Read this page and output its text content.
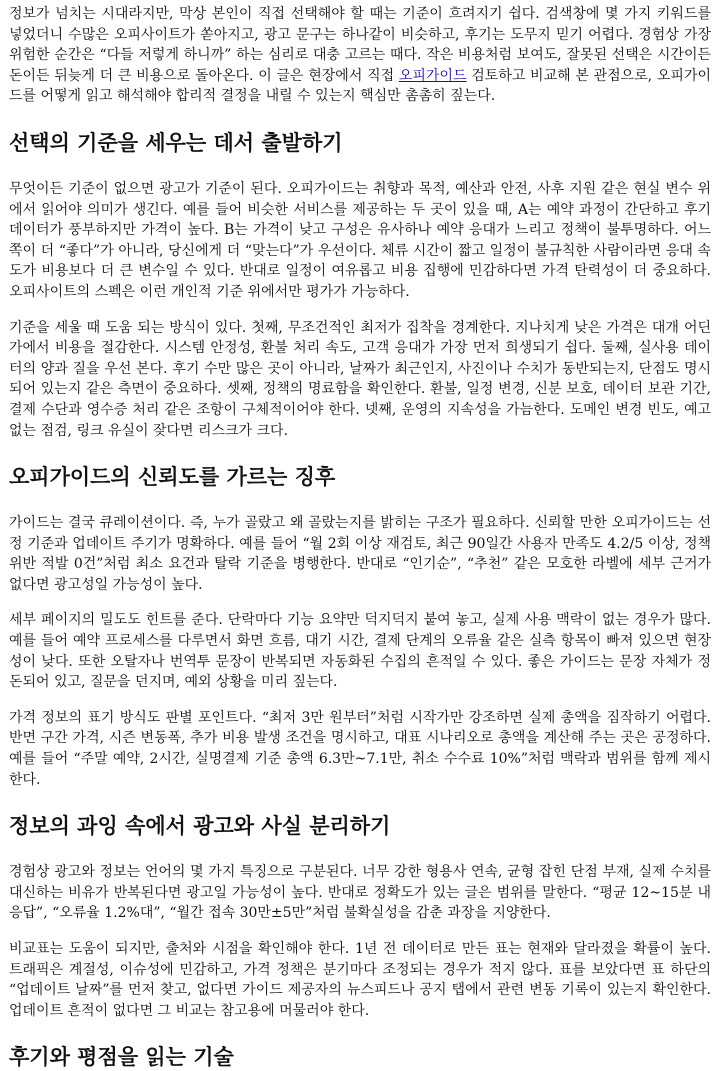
정보가 넘치는 시대라지만, 막상 본인이 직접 선택해야 할 때는 기준이 흐려지기 쉽다. 검색창에 몇 가지 키워드를 넣었더니 수많은 오피사이트가 쏟아지고, 광고 문구는 하나같이 비슷하고, 후기는 도무지 믿기 어렵다. 경험상 가장 위험한 순간은 “다들 저렇게 하니까” 하는 심리로 대충 고르는 때다. 작은 비용처럼 보여도, 잘못된 선택은 시간이든 돈이든 뒤늦게 더 큰 비용으로 돌아온다. 이 글은 현장에서 직접 오피가이드 검토하고 비교해 본 관점으로, 오피가이드를 어떻게 읽고 해석해야 합리적 결정을 내릴 수 있는지 핵심만 촘촘히 짚는다.

선택의 기준을 세우는 데서 출발하기

무엇이든 기준이 없으면 광고가 기준이 된다. 오피가이드는 취향과 목적, 예산과 안전, 사후 지원 같은 현실 변수 위에서 읽어야 의미가 생긴다. 예를 들어 비슷한 서비스를 제공하는 두 곳이 있을 때, A는 예약 과정이 간단하고 후기 데이터가 풍부하지만 가격이 높다. B는 가격이 낮고 구성은 유사하나 예약 응대가 느리고 정책이 불투명하다. 어느 쪽이 더 “좋다”가 아니라, 당신에게 더 “맞는다”가 우선이다. 체류 시간이 짧고 일정이 불규칙한 사람이라면 응대 속도가 비용보다 더 큰 변수일 수 있다. 반대로 일정이 여유롭고 비용 집행에 민감하다면 가격 탄력성이 더 중요하다. 오피사이트의 스펙은 이런 개인적 기준 위에서만 평가가 가능하다.

기준을 세울 때 도움 되는 방식이 있다. 첫째, 무조건적인 최저가 집착을 경계한다. 지나치게 낮은 가격은 대개 어딘가에서 비용을 절감한다. 시스템 안정성, 환불 처리 속도, 고객 응대가 가장 먼저 희생되기 쉽다. 둘째, 실사용 데이터의 양과 질을 우선 본다. 후기 수만 많은 곳이 아니라, 날짜가 최근인지, 사진이나 수치가 동반되는지, 단점도 명시되어 있는지 같은 측면이 중요하다. 셋째, 정책의 명료함을 확인한다. 환불, 일정 변경, 신분 보호, 데이터 보관 기간, 결제 수단과 영수증 처리 같은 조항이 구체적이어야 한다. 넷째, 운영의 지속성을 가늠한다. 도메인 변경 빈도, 예고 없는 점검, 링크 유실이 잦다면 리스크가 크다.

오피가이드의 신뢰도를 가르는 징후

가이드는 결국 큐레이션이다. 즉, 누가 골랐고 왜 골랐는지를 밝히는 구조가 필요하다. 신뢰할 만한 오피가이드는 선정 기준과 업데이트 주기가 명확하다. 예를 들어 “월 2회 이상 재검토, 최근 90일간 사용자 만족도 4.2/5 이상, 정책 위반 적발 0건”처럼 최소 요건과 탈락 기준을 병행한다. 반대로 “인기순”, “추천” 같은 모호한 라벨에 세부 근거가 없다면 광고성일 가능성이 높다.

세부 페이지의 밀도도 힌트를 준다. 단락마다 기능 요약만 덕지덕지 붙여 놓고, 실제 사용 맥락이 없는 경우가 많다. 예를 들어 예약 프로세스를 다루면서 화면 흐름, 대기 시간, 결제 단계의 오류율 같은 실측 항목이 빠져 있으면 현장성이 낮다. 또한 오탈자나 번역투 문장이 반복되면 자동화된 수집의 흔적일 수 있다. 좋은 가이드는 문장 자체가 정돈되어 있고, 질문을 던지며, 예외 상황을 미리 짚는다.

가격 정보의 표기 방식도 판별 포인트다. “최저 3만 원부터”처럼 시작가만 강조하면 실제 총액을 짐작하기 어렵다. 반면 구간 가격, 시즌 변동폭, 추가 비용 발생 조건을 명시하고, 대표 시나리오로 총액을 계산해 주는 곳은 공정하다. 예를 들어 “주말 예약, 2시간, 실명결제 기준 총액 6.3만~7.1만, 취소 수수료 10%”처럼 맥락과 범위를 함께 제시한다.

정보의 과잉 속에서 광고와 사실 분리하기

경험상 광고와 정보는 언어의 몇 가지 특징으로 구분된다. 너무 강한 형용사 연속, 균형 잡힌 단점 부재, 실제 수치를 대신하는 비유가 반복된다면 광고일 가능성이 높다. 반대로 정확도가 있는 글은 범위를 말한다. “평균 12~15분 내 응답”, “오류율 1.2%대”, “월간 접속 30만±5만”처럼 불확실성을 감춘 과장을 지양한다.

비교표는 도움이 되지만, 출처와 시점을 확인해야 한다. 1년 전 데이터로 만든 표는 현재와 달라졌을 확률이 높다. 트래픽은 계절성, 이슈성에 민감하고, 가격 정책은 분기마다 조정되는 경우가 적지 않다. 표를 보았다면 표 하단의 “업데이트 날짜”를 먼저 찾고, 없다면 가이드 제공자의 뉴스피드나 공지 탭에서 관련 변동 기록이 있는지 확인한다. 업데이트 흔적이 없다면 그 비교는 참고용에 머물러야 한다.

후기와 평점을 읽는 기술
